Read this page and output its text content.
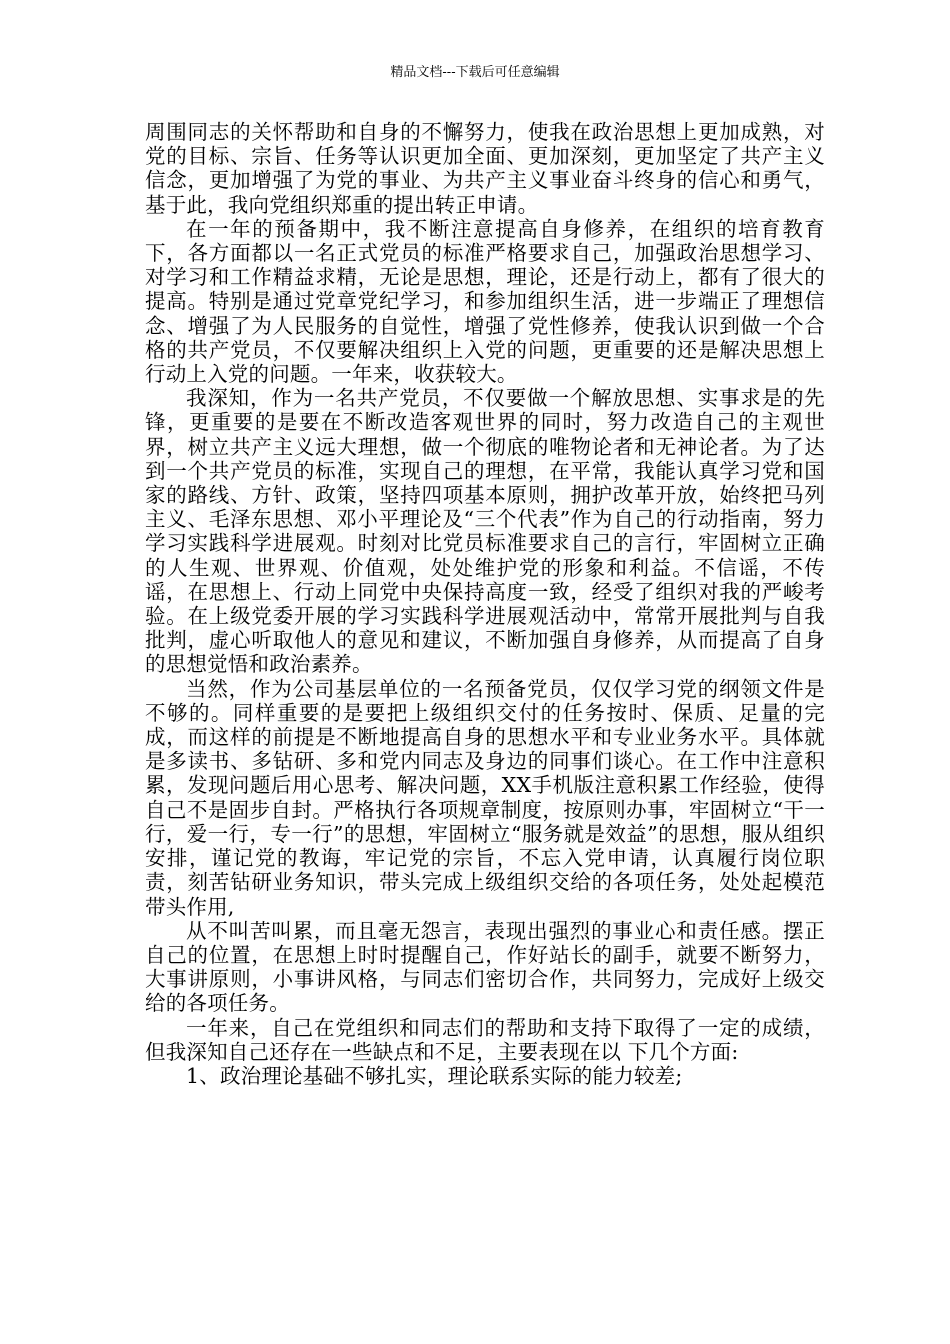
精品文档---下载后可任意编辑

周围同志的关怀帮助和自身的不懈努力，使我在政治思想上更加成熟，对党的目标、宗旨、任务等认识更加全面、更加深刻，更加坚定了共产主义信念，更加增强了为党的事业、为共产主义事业奋斗终身的信心和勇气，基于此，我向党组织郑重的提出转正申请。

在一年的预备期中，我不断注意提高自身修养，在组织的培育教育下，各方面都以一名正式党员的标准严格要求自己，加强政治思想学习、对学习和工作精益求精，无论是思想，理论，还是行动上，都有了很大的提高。特别是通过党章党纪学习，和参加组织生活，进一步端正了理想信念、增强了为人民服务的自觉性，增强了党性修养，使我认识到做一个合格的共产党员，不仅要解决组织上入党的问题，更重要的还是解决思想上行动上入党的问题。一年来，收获较大。

我深知，作为一名共产党员，不仅要做一个解放思想、实事求是的先锋，更重要的是要在不断改造客观世界的同时，努力改造自己的主观世界，树立共产主义远大理想，做一个彻底的唯物论者和无神论者。为了达到一个共产党员的标准，实现自己的理想，在平常，我能认真学习党和国家的路线、方针、政策，坚持四项基本原则，拥护改革开放，始终把马列主义、毛泽东思想、邓小平理论及“三个代表”作为自己的行动指南，努力学习实践科学进展观。时刻对比党员标准要求自己的言行，牢固树立正确的人生观、世界观、价值观，处处维护党的形象和利益。不信谣，不传谣，在思想上、行动上同党中央保持高度一致，经受了组织对我的严峻考验。在上级党委开展的学习实践科学进展观活动中，常常开展批判与自我批判，虚心听取他人的意见和建议，不断加强自身修养，从而提高了自身的思想觉悟和政治素养。

当然，作为公司基层单位的一名预备党员，仅仅学习党的纲领文件是不够的。同样重要的是要把上级组织交付的任务按时、保质、足量的完成，而这样的前提是不断地提高自身的思想水平和专业业务水平。具体就是多读书、多钻研、多和党内同志及身边的同事们谈心。在工作中注意积累，发现问题后用心思考、解决问题，XX手机版注意积累工作经验，使得自己不是固步自封。严格执行各项规章制度，按原则办事，牢固树立“干一行，爱一行，专一行”的思想，牢固树立“服务就是效益”的思想，服从组织安排，谨记党的教诲，牢记党的宗旨，不忘入党申请，认真履行岗位职责，刻苦钻研业务知识，带头完成上级组织交给的各项任务，处处起模范带头作用,

从不叫苦叫累，而且毫无怨言，表现出强烈的事业心和责任感。摆正自己的位置，在思想上时时提醒自己，作好站长的副手，就要不断努力，大事讲原则，小事讲风格，与同志们密切合作，共同努力，完成好上级交给的各项任务。

一年来，自己在党组织和同志们的帮助和支持下取得了一定的成绩，但我深知自己还存在一些缺点和不足，主要表现在以 下几个方面:

1、政治理论基础不够扎实，理论联系实际的能力较差;
